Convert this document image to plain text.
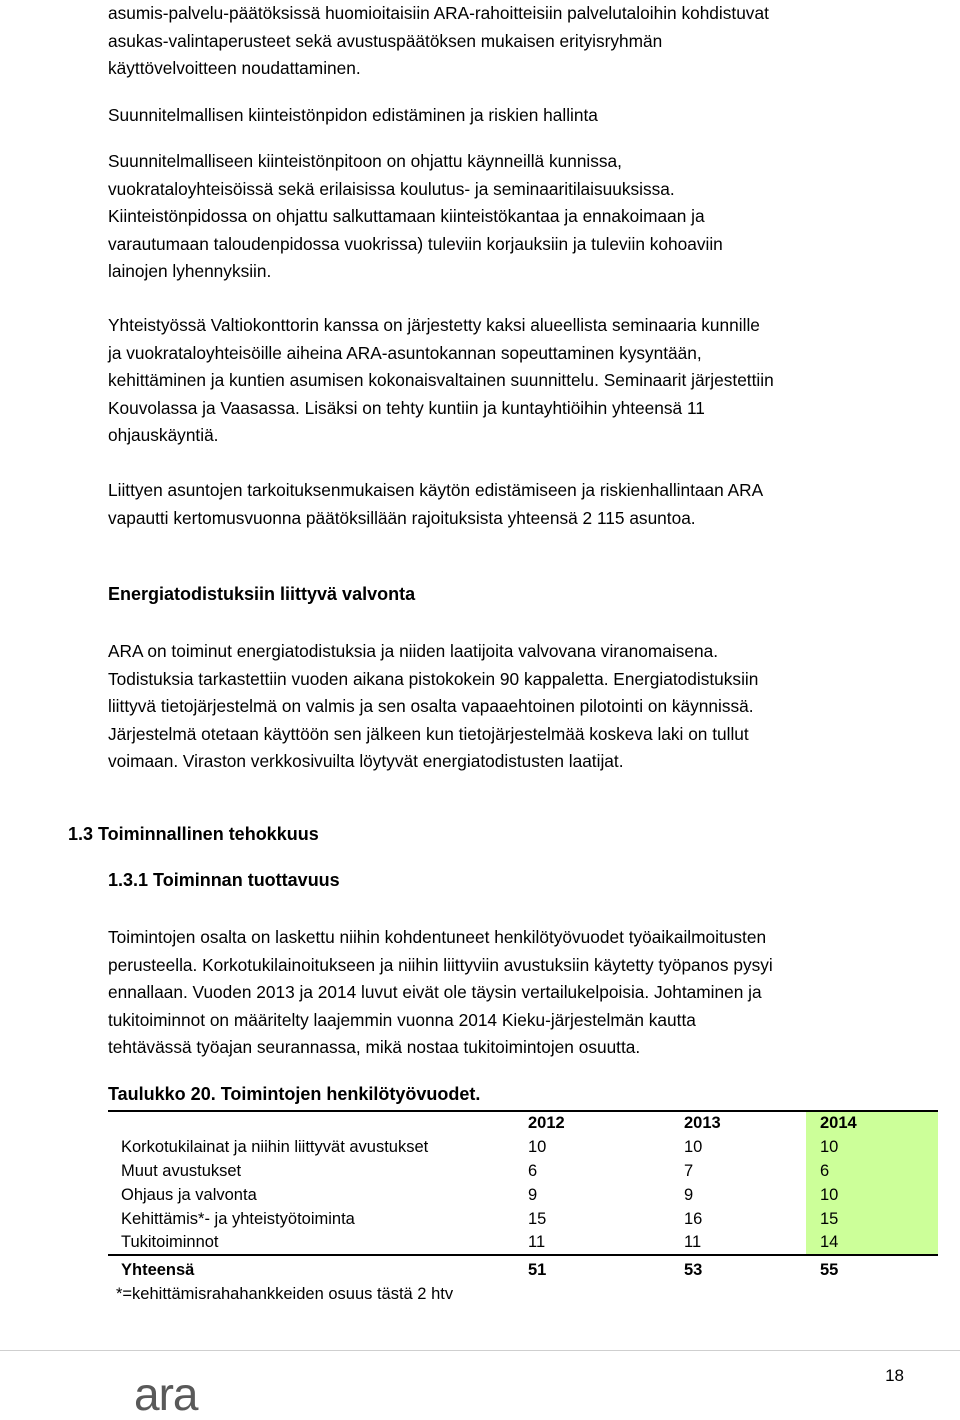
asumis-palvelu-päätöksissä huomioitaisiin ARA-rahoitteisiin palvelutaloihin kohdistuvat
asukas-valintaperusteet sekä avustuspäätöksen mukaisen erityisryhmän
käyttövelvoitteen noudattaminen.

Suunnitelmallisen kiinteistönpidon edistäminen ja riskien hallinta

Suunnitelmalliseen kiinteistönpitoon on ohjattu käynneillä kunnissa,
vuokrataloyhteisöissä sekä erilaisissa koulutus- ja seminaaritilaisuuksissa.
Kiinteistönpidossa on ohjattu salkuttamaan kiinteistökantaa ja ennakoimaan ja
varautumaan taloudenpidossa vuokrissa) tuleviin korjauksiin ja tuleviin kohoaviin
lainojen lyhennyksiin.

Yhteistyössä Valtiokonttorin kanssa on järjestetty kaksi alueellista seminaaria kunnille
ja vuokrataloyhteisöille aiheina ARA-asuntokannan sopeuttaminen kysyntään,
kehittäminen ja kuntien asumisen kokonaisvaltainen suunnittelu. Seminaarit järjestettiin
Kouvolassa ja Vaasassa. Lisäksi on tehty kuntiin ja kuntayhtiöihin yhteensä 11
ohjauskäyntiä.

Liittyen asuntojen tarkoituksenmukaisen käytön edistämiseen ja riskienhallintaan ARA
vapautti kertomusvuonna päätöksillään rajoituksista yhteensä 2 115 asuntoa.

Energiatodistuksiin liittyvä valvonta

ARA on toiminut energiatodistuksia ja niiden laatijoita valvovana viranomaisena.
Todistuksia tarkastettiin vuoden aikana pistokokein 90 kappaletta. Energiatodistuksiin
liittyvä tietojärjestelmä on valmis ja sen osalta vapaaehtoinen pilotointi on käynnissä.
Järjestelmä otetaan käyttöön sen jälkeen kun tietojärjestelmää koskeva laki on tullut
voimaan. Viraston verkkosivuilta löytyvät energiatodistusten laatijat.

1.3 Toiminnallinen tehokkuus
1.3.1 Toiminnan tuottavuus

Toimintojen osalta on laskettu niihin kohdentuneet henkilötyövuodet työaikailmoitusten
perusteella. Korkotukilainoitukseen ja niihin liittyviin avustuksiin käytetty työpanos pysyi
ennallaan. Vuoden 2013 ja 2014 luvut eivät ole täysin vertailukelpoisia. Johtaminen ja
tukitoiminnot on määritelty laajemmin vuonna 2014 Kieku-järjestelmän kautta
tehtävässä työajan seurannassa, mikä nostaa tukitoimintojen osuutta.

Taulukko 20. Toimintojen henkilötyövuodet.
	2012	2013	2014
Korkotukilainat ja niihin liittyvät avustukset	10	10	10
Muut avustukset	6	7	6
Ohjaus ja valvonta	9	9	10
Kehittämis*- ja yhteistyötoiminta	15	16	15
Tukitoiminnot	11	11	14
Yhteensä	51	53	55
*=kehittämisrahahankkeiden osuus tästä 2 htv
ara	18
